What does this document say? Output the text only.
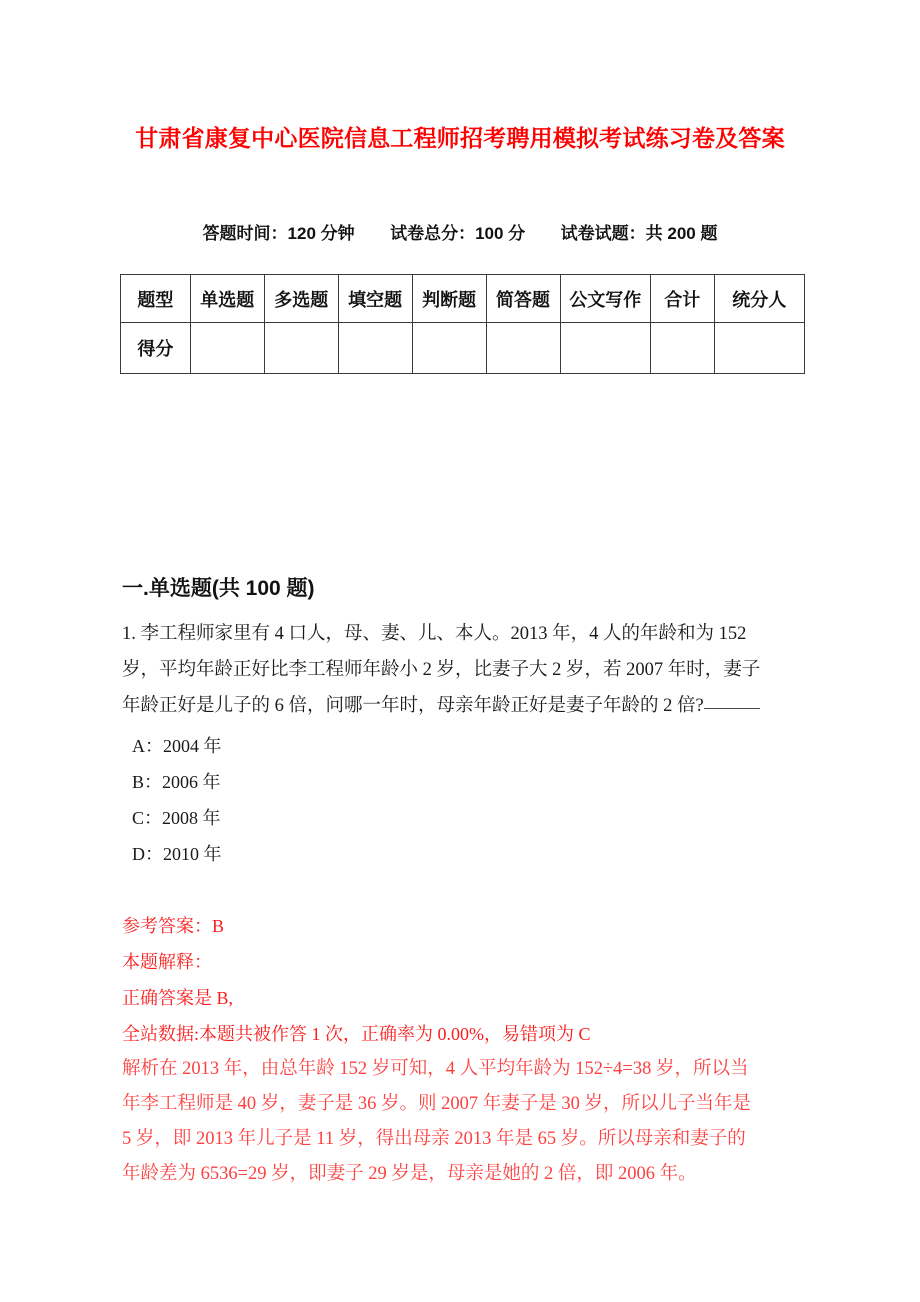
甘肃省康复中心医院信息工程师招考聘用模拟考试练习卷及答案
答题时间：120 分钟 试卷总分：100 分 试卷试题：共 200 题
题型	单选题	多选题	填空题	判断题	简答题	公文写作	合计	统分人
得分								
一.单选题(共 100 题)
1. 李工程师家里有 4 口人，母、妻、儿、本人。2013 年，4 人的年龄和为 152
岁，平均年龄正好比李工程师年龄小 2 岁，比妻子大 2 岁，若 2007 年时，妻子
年龄正好是儿子的 6 倍，问哪一年时，母亲年龄正好是妻子年龄的 2 倍?
A：2004 年
B：2006 年
C：2008 年
D：2010 年
参考答案：B
本题解释：
正确答案是 B,
全站数据:本题共被作答 1 次，正确率为 0.00%，易错项为 C
解析在 2013 年，由总年龄 152 岁可知，4 人平均年龄为 152÷4=38 岁，所以当
年李工程师是 40 岁，妻子是 36 岁。则 2007 年妻子是 30 岁，所以儿子当年是
5 岁，即 2013 年儿子是 11 岁，得出母亲 2013 年是 65 岁。所以母亲和妻子的
年龄差为 6536=29 岁，即妻子 29 岁是，母亲是她的 2 倍，即 2006 年。
